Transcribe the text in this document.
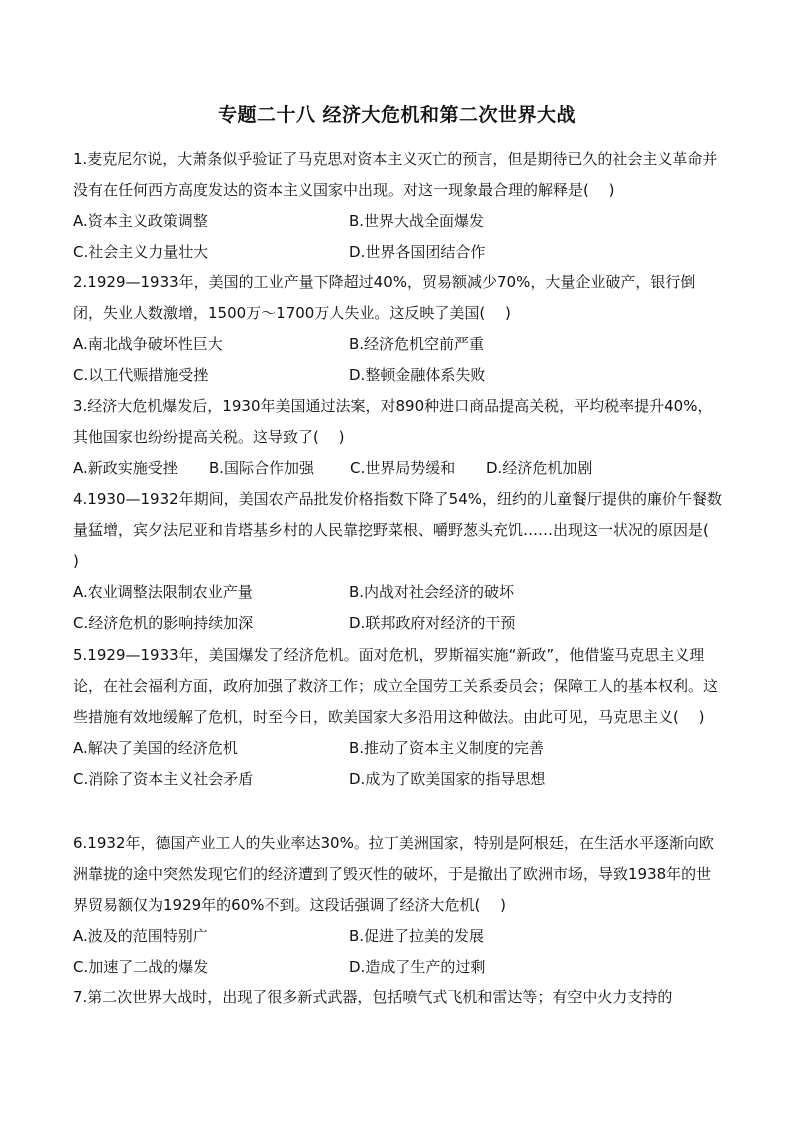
专题二十八 经济大危机和第二次世界大战

1.麦克尼尔说，大萧条似乎验证了马克思对资本主义灭亡的预言，但是期待已久的社会主义革命并没有在任何西方高度发达的资本主义国家中出现。对这一现象最合理的解释是(　 )

A.资本主义政策调整	B.世界大战全面爆发
C.社会主义力量壮大	D.世界各国团结合作

2.1929—1933年，美国的工业产量下降超过40%，贸易额减少70%，大量企业破产，银行倒闭，失业人数激增，1500万～1700万人失业。这反映了美国(　 )

A.南北战争破坏性巨大	B.经济危机空前严重
C.以工代赈措施受挫	D.整顿金融体系失败

3.经济大危机爆发后，1930年美国通过法案，对890种进口商品提高关税，平均税率提升40%，其他国家也纷纷提高关税。这导致了(　 )

A.新政实施受挫 B.国际合作加强 C.世界局势缓和 D.经济危机加剧

4.1930—1932年期间，美国农产品批发价格指数下降了54%，纽约的儿童餐厅提供的廉价午餐数量猛增，宾夕法尼亚和肯塔基乡村的人民靠挖野菜根、嚼野葱头充饥……出现这一状况的原因是(　 )

A.农业调整法限制农业产量	B.内战对社会经济的破坏
C.经济危机的影响持续加深	D.联邦政府对经济的干预

5.1929—1933年，美国爆发了经济危机。面对危机，罗斯福实施“新政”，他借鉴马克思主义理论，在社会福利方面，政府加强了救济工作；成立全国劳工关系委员会；保障工人的基本权利。这些措施有效地缓解了危机，时至今日，欧美国家大多沿用这种做法。由此可见，马克思主义(　 )

A.解决了美国的经济危机	B.推动了资本主义制度的完善
C.消除了资本主义社会矛盾	D.成为了欧美国家的指导思想

6.1932年，德国产业工人的失业率达30%。拉丁美洲国家，特别是阿根廷，在生活水平逐渐向欧洲靠拢的途中突然发现它们的经济遭到了毁灭性的破坏，于是撤出了欧洲市场，导致1938年的世界贸易额仅为1929年的60%不到。这段话强调了经济大危机(　 )

A.波及的范围特别广	B.促进了拉美的发展
C.加速了二战的爆发	D.造成了生产的过剩

7.第二次世界大战时，出现了很多新式武器，包括喷气式飞机和雷达等；有空中火力支持的
